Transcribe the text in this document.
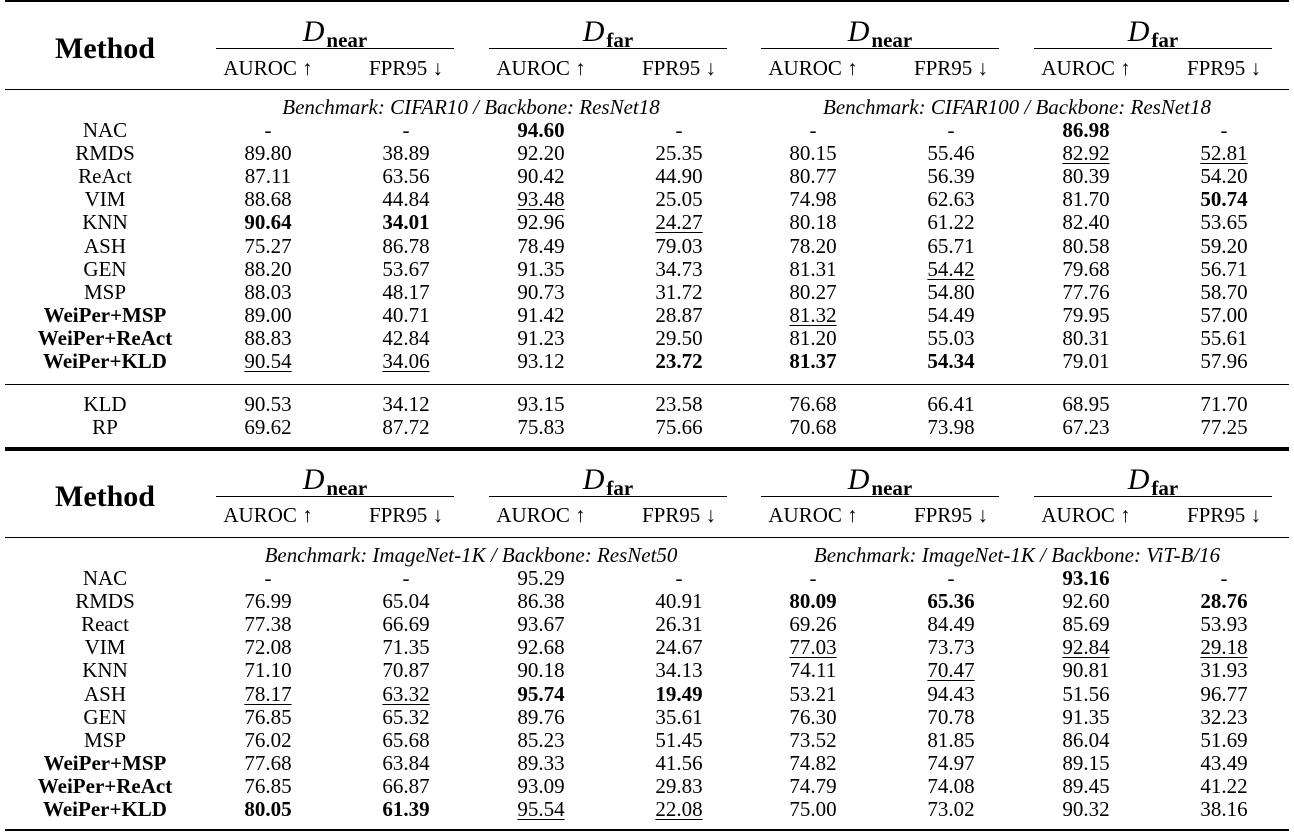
Method
$D_{near}$	$D_{far}$	$D_{near}$	$D_{far}$
AUROC ↑	FPR95 ↓	AUROC ↑	FPR95 ↓ AUROC ↑	FPR95 ↓	AUROC ↑	FPR95 ↓
Benchmark: CIFAR10 / Backbone: ResNet18	Benchmark: CIFAR100 / Backbone: ResNet18
NAC	-	-	94.60	-	-	-	86.98	-
RMDS	89.80	38.89	92.20	25.35	80.15	55.46	82.92	52.81
ReAct	87.11	63.56	90.42	44.90	80.77	56.39	80.39	54.20
VIM	88.68	44.84	93.48	25.05	74.98	62.63	81.70	50.74
KNN	90.64	34.01	92.96	24.27	80.18	61.22	82.40	53.65
ASH	75.27	86.78	78.49	79.03	78.20	65.71	80.58	59.20
GEN	88.20	53.67	91.35	34.73	81.31	54.42	79.68	56.71
MSP	88.03	48.17	90.73	31.72	80.27	54.80	77.76	58.70
WeiPer+MSP	89.00	40.71	91.42	28.87	81.32	54.49	79.95	57.00
WeiPer+ReAct	88.83	42.84	91.23	29.50	81.20	55.03	80.31	55.61
WeiPer+KLD	90.54	34.06	93.12	23.72	81.37	54.34	79.01	57.96
KLD	90.53	34.12	93.15	23.58	76.68	66.41	68.95	71.70
RP	69.62	87.72	75.83	75.66	70.68	73.98	67.23	77.25
Method
$D_{near}$	$D_{far}$	$D_{near}$	$D_{far}$
AUROC ↑	FPR95 ↓	AUROC ↑	FPR95 ↓ AUROC ↑	FPR95 ↓	AUROC ↑	FPR95 ↓
Benchmark: ImageNet-1K / Backbone: ResNet50	Benchmark: ImageNet-1K / Backbone: ViT-B/16
NAC	-	-	95.29	-	-	-	93.16	-
RMDS	76.99	65.04	86.38	40.91	80.09	65.36	92.60	28.76
React	77.38	66.69	93.67	26.31	69.26	84.49	85.69	53.93
VIM	72.08	71.35	92.68	24.67	77.03	73.73	92.84	29.18
KNN	71.10	70.87	90.18	34.13	74.11	70.47	90.81	31.93
ASH	78.17	63.32	95.74	19.49	53.21	94.43	51.56	96.77
GEN	76.85	65.32	89.76	35.61	76.30	70.78	91.35	32.23
MSP	76.02	65.68	85.23	51.45	73.52	81.85	86.04	51.69
WeiPer+MSP	77.68	63.84	89.33	41.56	74.82	74.97	89.15	43.49
WeiPer+ReAct	76.85	66.87	93.09	29.83	74.79	74.08	89.45	41.22
WeiPer+KLD	80.05	61.39	95.54	22.08	75.00	73.02	90.32	38.16
